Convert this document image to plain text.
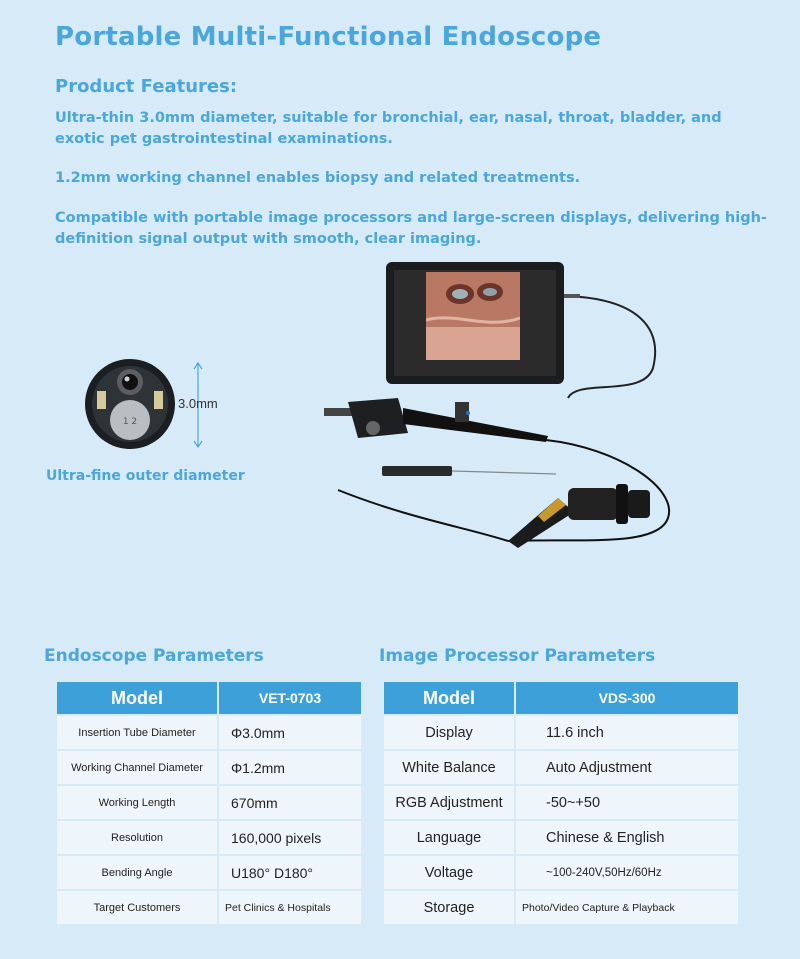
Portable Multi-Functional Endoscope
Product Features:
Ultra-thin 3.0mm diameter, suitable for bronchial, ear, nasal, throat, bladder, and exotic pet gastrointestinal examinations.
1.2mm working channel enables biopsy and related treatments.
Compatible with portable image processors and large-screen displays, delivering high-definition signal output with smooth, clear imaging.
1 2
3.0mm
Ultra-fine outer diameter
Endoscope Parameters
Model	VET-0703
Insertion Tube Diameter	Φ3.0mm
Working Channel Diameter	Φ1.2mm
Working Length	670mm
Resolution	160,000 pixels
Bending Angle	U180° D180°
Target Customers	Pet Clinics & Hospitals
Image Processor Parameters
Model	VDS-300
Display	11.6 inch
White Balance	Auto Adjustment
RGB Adjustment	-50~+50
Language	Chinese & English
Voltage	~100-240V,50Hz/60Hz
Storage	Photo/Video Capture & Playback
